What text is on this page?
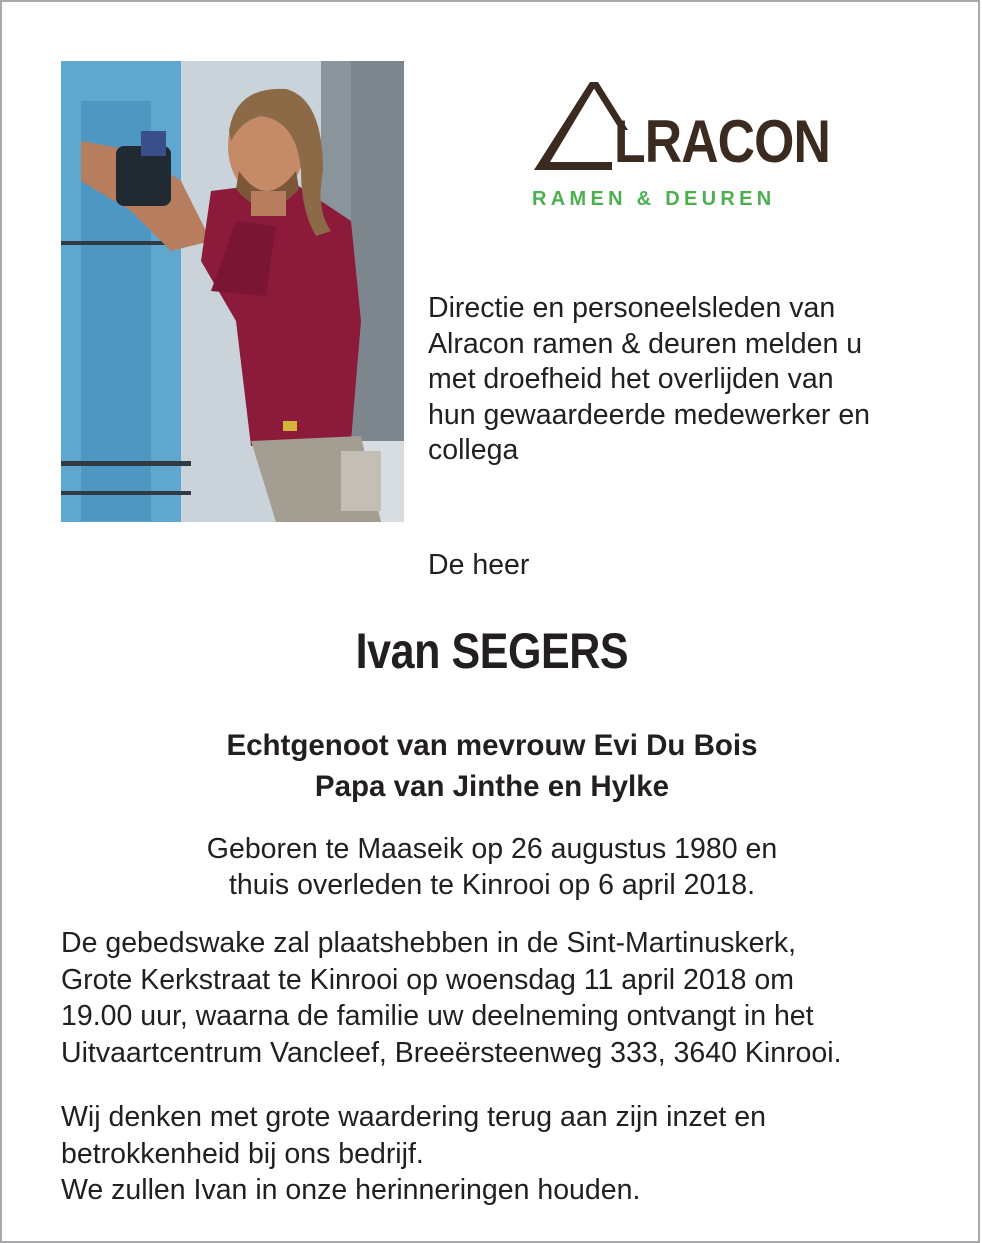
LRACON
RAMEN & DEUREN

Directie en personeelsleden van
Alracon ramen & deuren melden u
met droefheid het overlijden van
hun gewaardeerde medewerker en
collega

De heer

Ivan SEGERS

Echtgenoot van mevrouw Evi Du Bois
Papa van Jinthe en Hylke

Geboren te Maaseik op 26 augustus 1980 en
thuis overleden te Kinrooi op 6 april 2018.

De gebedswake zal plaatshebben in de Sint-Martinuskerk,
Grote Kerkstraat te Kinrooi op woensdag 11 april 2018 om
19.00 uur, waarna de familie uw deelneming ontvangt in het
Uitvaartcentrum Vancleef, Breeërsteenweg 333, 3640 Kinrooi.

Wij denken met grote waardering terug aan zijn inzet en
betrokkenheid bij ons bedrijf.
We zullen Ivan in onze herinneringen houden.
